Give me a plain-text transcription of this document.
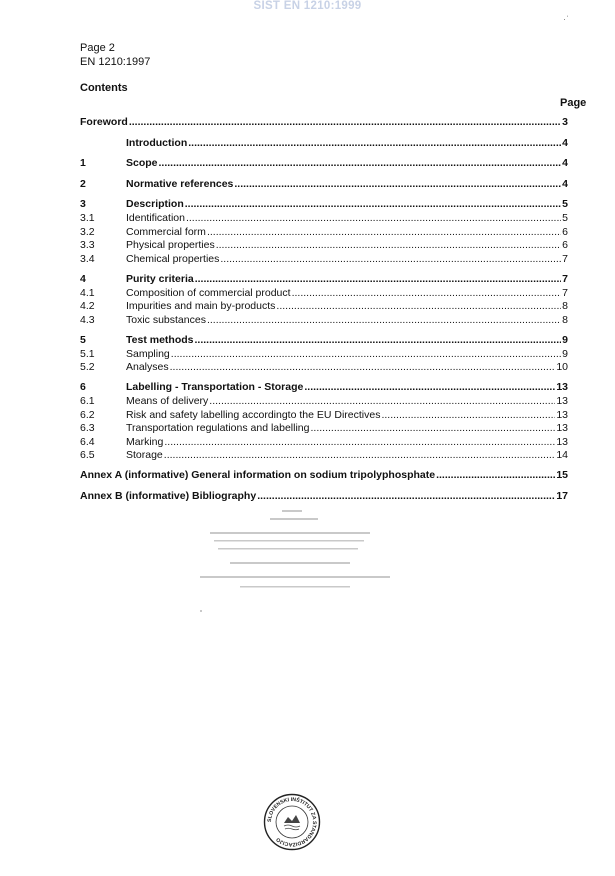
SIST EN 1210:1999
·ˈ
Page 2
EN 1210:1997
Contents
Page
Foreword .....	3
Introduction .....	4
1	Scope .....	4
2	Normative references .....	4
3	Description .....	5
3.1	Identification .....	5
3.2	Commercial form .....	6
3.3	Physical properties .....	6
3.4	Chemical properties .....	7
4	Purity criteria .....	7
4.1	Composition of commercial product .....	7
4.2	Impurities and main by-products .....	8
4.3	Toxic substances .....	8
5	Test methods .....	9
5.1	Sampling .....	9
5.2	Analyses .....	10
6	Labelling - Transportation - Storage .....	13
6.1	Means of delivery .....	13
6.2	Risk and safety labelling accordingto the EU Directives .....	13
6.3	Transportation regulations and labelling .....	13
6.4	Marking .....	13
6.5	Storage .....	14
Annex A (informative) General information on sodium tripolyphosphate .....	15
Annex B (informative) Bibliography .....	17
SLOVENSKI INŠTITUT ZA STANDARDIZACIJO
